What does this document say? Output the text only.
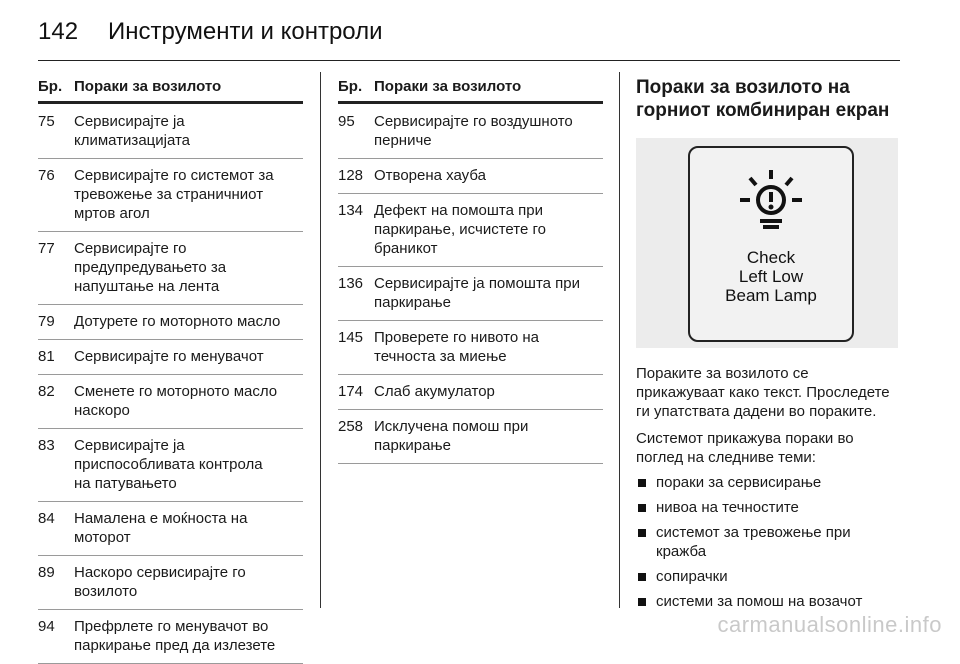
142 Инструменти и контроли
Бр. Пораки за возилото
75	Сервисирајте ја
климатизацијата
76	Сервисирајте го системот за
тревожење за страничниот
мртов агол
77	Сервисирајте го
предупредувањето за
напуштање на лента
79	Дотурете го моторното масло
81	Сервисирајте го менувачот
82	Сменете го моторното масло
наскоро
83	Сервисирајте ја
приспособливата контрола
на патувањето
84	Намалена е моќноста на
моторот
89	Наскоро сервисирајте го
возилото
94	Префрлете го менувачот во
паркирање пред да излезете
Бр. Пораки за возилото
95	Сервисирајте го воздушното
перниче
128 Отворена хауба
134 Дефект на помошта при
паркирање, исчистете го
браникот
136 Сервисирајте ја помошта при
паркирање
145 Проверете го нивото на
течноста за миење
174 Слаб акумулатор
258 Исклучена помош при
паркирање
Пораки за возилото на
горниот комбиниран екран
Check
Left Low
Beam Lamp

Пораките за возилото се прикажуваат како текст. Проследете ги упатствата дадени во пораките.

Системот прикажува пораки во поглед на следниве теми:

пораки за сервисирање
нивоа на течностите
системот за тревожење при кражба
сопирачки
системи за помош на возачот
carmanualsonline.info
